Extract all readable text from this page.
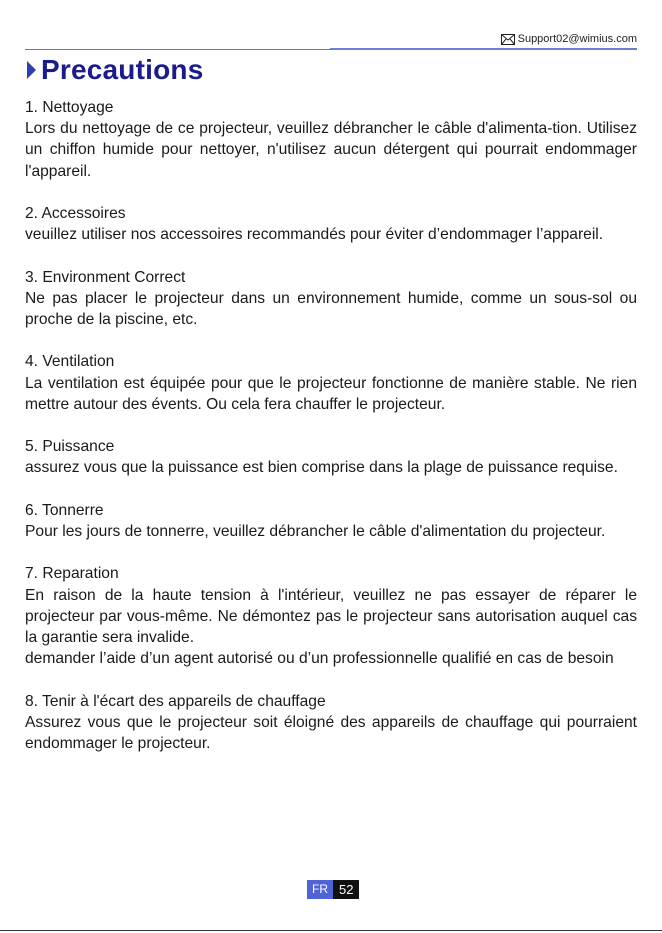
Support02@wimius.com
Precautions
1. Nettoyage

Lors du nettoyage de ce projecteur, veuillez débrancher le câble d'alimenta-tion. Utilisez un chiffon humide pour nettoyer, n'utilisez aucun détergent qui pourrait endommager l'appareil.

2. Accessoires

veuillez utiliser nos accessoires recommandés pour éviter d’endommager l’appareil.

3. Environment Correct

Ne pas placer le projecteur dans un environnement humide, comme un sous-sol ou proche de la piscine, etc.

4. Ventilation

La ventilation est équipée pour que le projecteur fonctionne de manière stable. Ne rien mettre autour des évents. Ou cela fera chauffer le projecteur.

5. Puissance

assurez vous que la puissance est bien comprise dans la plage de puissance requise.

6. Tonnerre

Pour les jours de tonnerre, veuillez débrancher le câble d'alimentation du projecteur.

7. Reparation

En raison de la haute tension à l'intérieur, veuillez ne pas essayer de réparer le projecteur par vous-même. Ne démontez pas le projecteur sans autorisation auquel cas la garantie sera invalide.

demander l’aide d’un agent autorisé ou d’un professionnelle qualifié en cas de besoin

8. Tenir à l'écart des appareils de chauffage

Assurez vous que le projecteur soit éloigné des appareils de chauffage qui pourraient endommager le projecteur.

FR 52
